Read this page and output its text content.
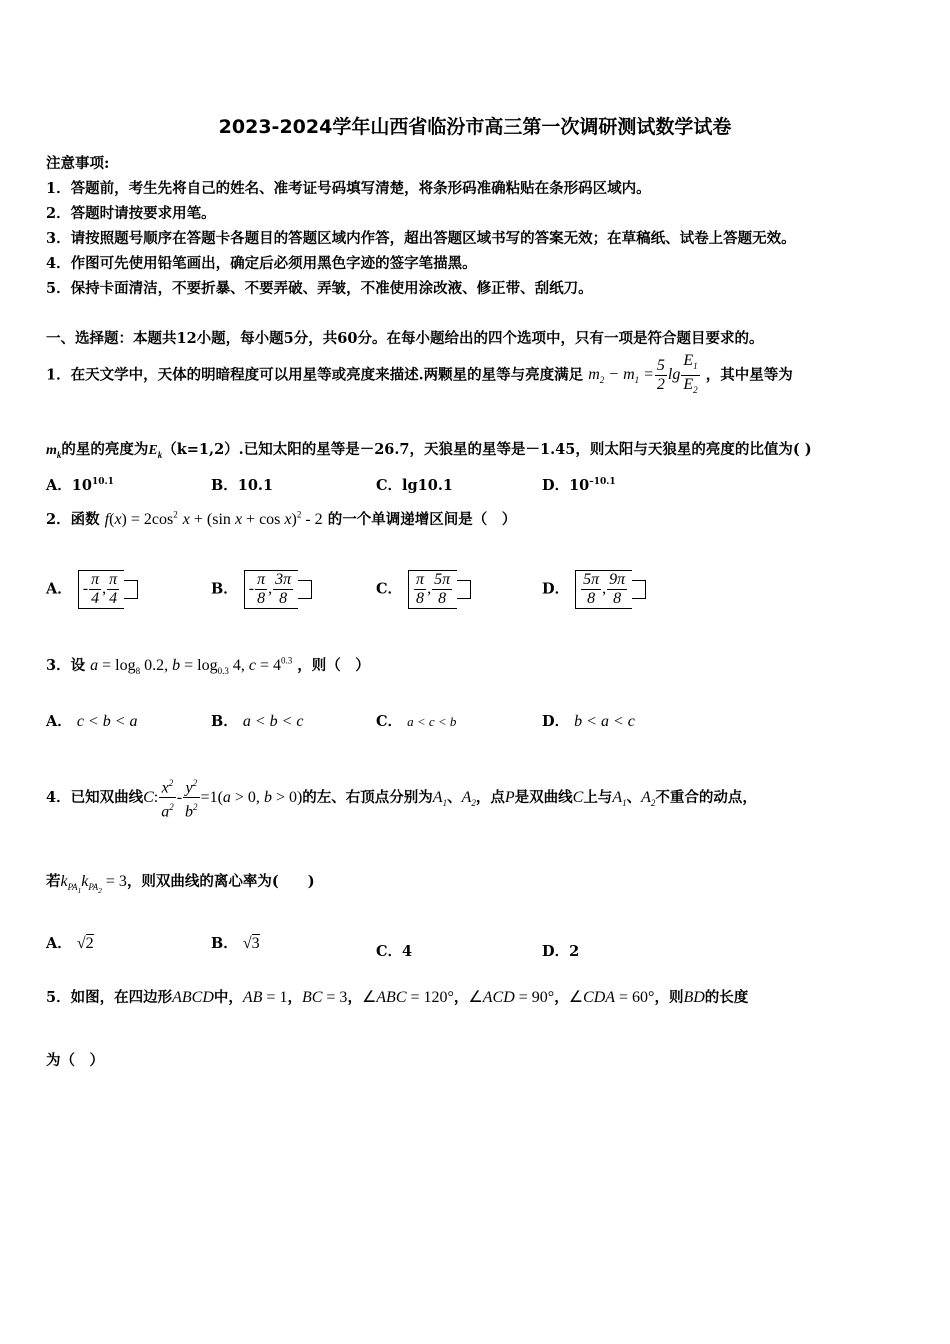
2023-2024学年山西省临汾市高三第一次调研测试数学试卷
注意事项:
1．答题前，考生先将自己的姓名、准考证号码填写清楚，将条形码准确粘贴在条形码区域内。
2．答题时请按要求用笔。
3．请按照题号顺序在答题卡各题目的答题区域内作答，超出答题区域书写的答案无效；在草稿纸、试卷上答题无效。
4．作图可先使用铅笔画出，确定后必须用黑色字迹的签字笔描黑。
5．保持卡面清洁，不要折暴、不要弄破、弄皱，不准使用涂改液、修正带、刮纸刀。
一、选择题：本题共12小题，每小题5分，共60分。在每小题给出的四个选项中，只有一项是符合题目要求的。
1．在天文学中，天体的明暗程度可以用星等或亮度来描述.两颗星的星等与亮度满足 $m_2 - m_1 = \frac{5}{2}$ $\lg \frac{E_1}{E_2}$ ，其中星等为
$m_k$的星的亮度为$E_k(k=1,2)$.已知太阳的星等是－26.7，天狼星的星等是－1.45，则太阳与天狼星的亮度的比值为( )
A．$10^{10.1}$	B．10.1	C．lg10.1	D．$10^{-10.1}$
2．函数 $f(x) = 2\cos^2$ x + (sin x + cos x)$^2$ - 2 的一个单调递增区间是（　）
A． - $\frac{\pi}{4}$ , $\frac{\pi}{4}$
	B． - $\frac{\pi}{8}$ , $\frac{3\pi}{8}$
	C． $\frac{\pi}{8}$ , $\frac{5\pi}{8}$
	D． $\frac{5\pi}{8}$ , $\frac{9\pi}{8}$

3．设 $a = \log_8 0.2$, $b = \log_{0.3} 4$, $c = 4^{0.3}$ ，则（　）
A． c < b < a	B． a < b < c	C． a < c < b	D． b < a < c
4．已知双曲线C: $\frac{x^2}{a^2} - \frac{y^2}{b^2} =1(a > 0$, b > 0)的左、右顶点分别为$A_1$、$A_2$，点P是双曲线C上与$A_1$、$A_2$不重合的动点，
若$k_{PA_1}k_{PA_2} = 3$，则双曲线的离心率为(　　)
A． √2	B． √3	C．4	D．2
5．如图，在四边形ABCD中，AB = 1，BC = 3，∠ABC = 120°，∠ACD = 90°，∠CDA = 60°，则BD的长度
为（　）
